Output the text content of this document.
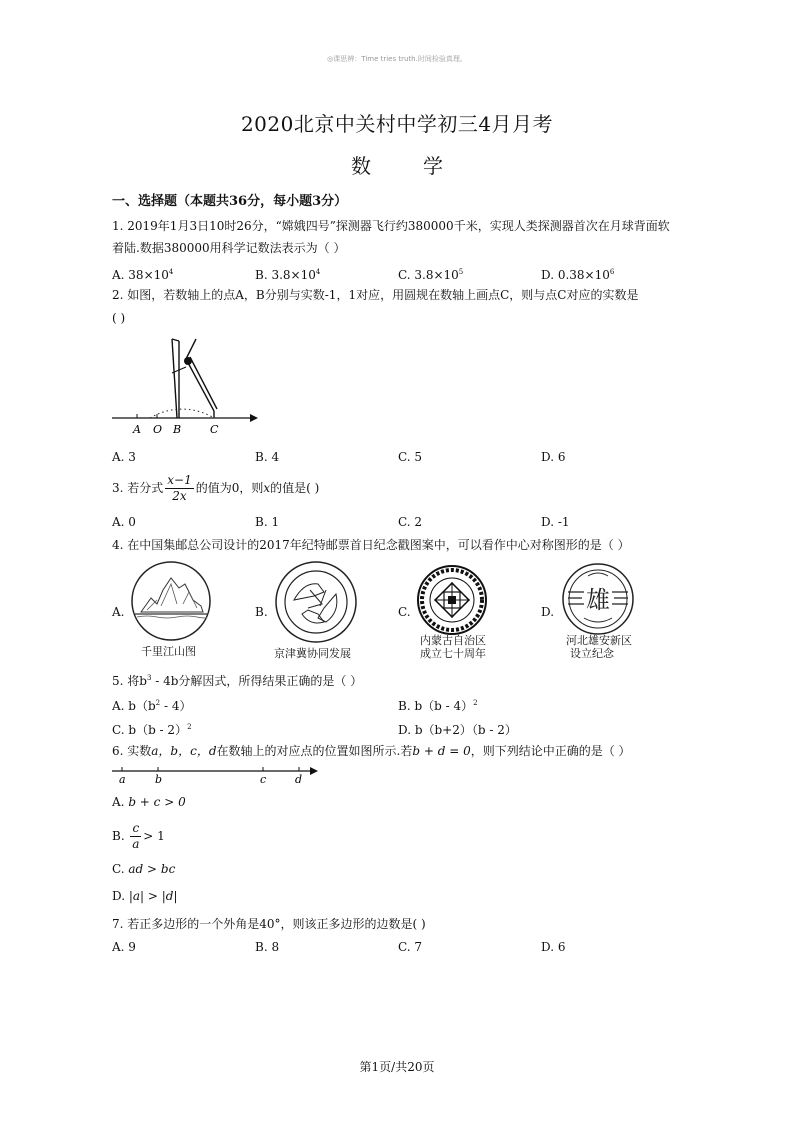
◎课思辨：Time tries truth.时间检验真理。
2020北京中关村中学初三4月月考
数	学
一、选择题（本题共36分，每小题3分）
1. 2019年1月3日10时26分，“嫦娥四号”探测器飞行约380000千米，实现人类探测器首次在月球背面软
着陆.数据380000用科学记数法表示为（ ）
A. $38\times 10^4$	B. $3.8\times 10^4$	C. $3.8\times 10^5$	D. $0.38\times 10^6$
2. 如图，若数轴上的点A，B分别与实数-1，1对应，用圆规在数轴上画点C，则与点C对应的实数是
( )
A O B	C
A. 3	B. 4	C. 5	D. 6
3. 若分式 $\frac{x-1}{2x}$ 的值为0，则x的值是( )
A. 0	B. 1	C. 2	D. -1
4. 在中国集邮总公司设计的2017年纪特邮票首日纪念戳图案中，可以看作中心对称图形的是（ ）
A.
千里江山图
B.
京津冀协同发展
C.
内蒙古自治区
成立七十周年
D. 雄
河北雄安新区
设立纪念
5. 将$b^3 - 4b$分解因式，所得结果正确的是（ ）
A. $b(b^2 - 4)$	B. b（b - 4）$^2$
C. b（b - 2）$^2$	D. b（b+2）（b - 2）
6. 实数a，b，c，d在数轴上的对应点的位置如图所示.若b + d = 0，则下列结论中正确的是（ ）
a	b	c	d
A. b + c > 0
B. $\frac{c}{a} > 1$
C. ad > bc
D. |a| > |d|
7. 若正多边形的一个外角是40°，则该正多边形的边数是( )
A. 9	B. 8	C. 7	D. 6
第1页/共20页
